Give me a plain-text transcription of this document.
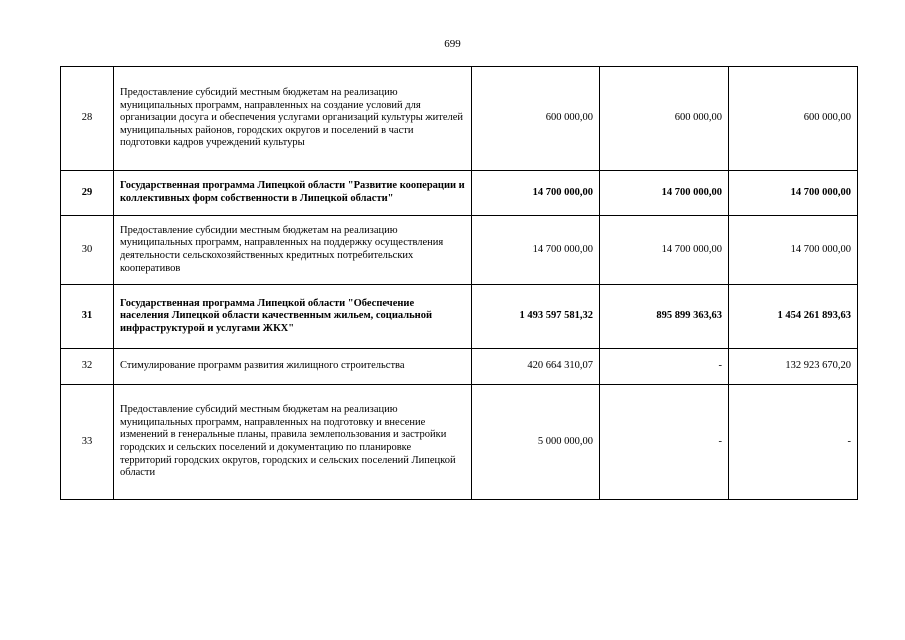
699
28	Предоставление субсидий местным бюджетам на реализацию муниципальных программ, направленных на создание условий для организации досуга и обеспечения услугами организаций культуры жителей муниципальных районов, городских округов и поселений в части подготовки кадров учреждений культуры	600 000,00	600 000,00	600 000,00
29	Государственная программа Липецкой области "Развитие кооперации и коллективных форм собственности в Липецкой области"	14 700 000,00	14 700 000,00	14 700 000,00
30	Предоставление субсидии местным бюджетам на реализацию муниципальных программ, направленных на поддержку осуществления деятельности сельскохозяйственных кредитных потребительских кооперативов	14 700 000,00	14 700 000,00	14 700 000,00
31	Государственная программа Липецкой области "Обеспечение населения Липецкой области качественным жильем, социальной инфраструктурой и услугами ЖКХ"	1 493 597 581,32	895 899 363,63	1 454 261 893,63
32	Стимулирование программ развития жилищного строительства	420 664 310,07	-	132 923 670,20
33	Предоставление субсидий местным бюджетам на реализацию муниципальных программ, направленных на подготовку и внесение изменений в генеральные планы, правила землепользования и застройки городских и сельских поселений и документацию по планировке территорий городских округов, городских и сельских поселений Липецкой области	5 000 000,00	-	-
